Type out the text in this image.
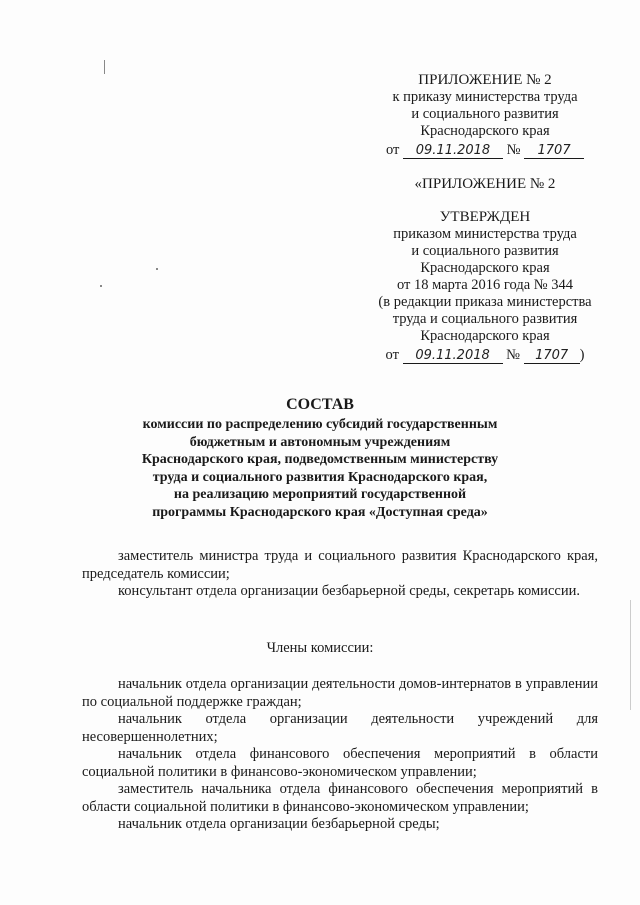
ПРИЛОЖЕНИЕ № 2
к приказу министерства труда
и социального развития
Краснодарского края
от 09.11.2018 № 1707
«ПРИЛОЖЕНИЕ № 2
УТВЕРЖДЕН
приказом министерства труда
и социального развития
Краснодарского края
от 18 марта 2016 года № 344
(в редакции приказа министерства
труда и социального развития
Краснодарского края
от 09.11.2018 № 1707 )
СОСТАВ
комиссии по распределению субсидий государственным
бюджетным и автономным учреждениям
Краснодарского края, подведомственным министерству
труда и социального развития Краснодарского края,
на реализацию мероприятий государственной
программы Краснодарского края «Доступная среда»

заместитель министра труда и социального развития Краснодарского края, председатель комиссии;

консультант отдела организации безбарьерной среды, секретарь комиссии.

Члены комиссии:

начальник отдела организации деятельности домов-интернатов в управлении по социальной поддержке граждан;

начальник отдела организации деятельности учреждений для несовершеннолетних;

начальник отдела финансового обеспечения мероприятий в области социальной политики в финансово-экономическом управлении;

заместитель начальника отдела финансового обеспечения мероприятий в области социальной политики в финансово-экономическом управлении;

начальник отдела организации безбарьерной среды;
